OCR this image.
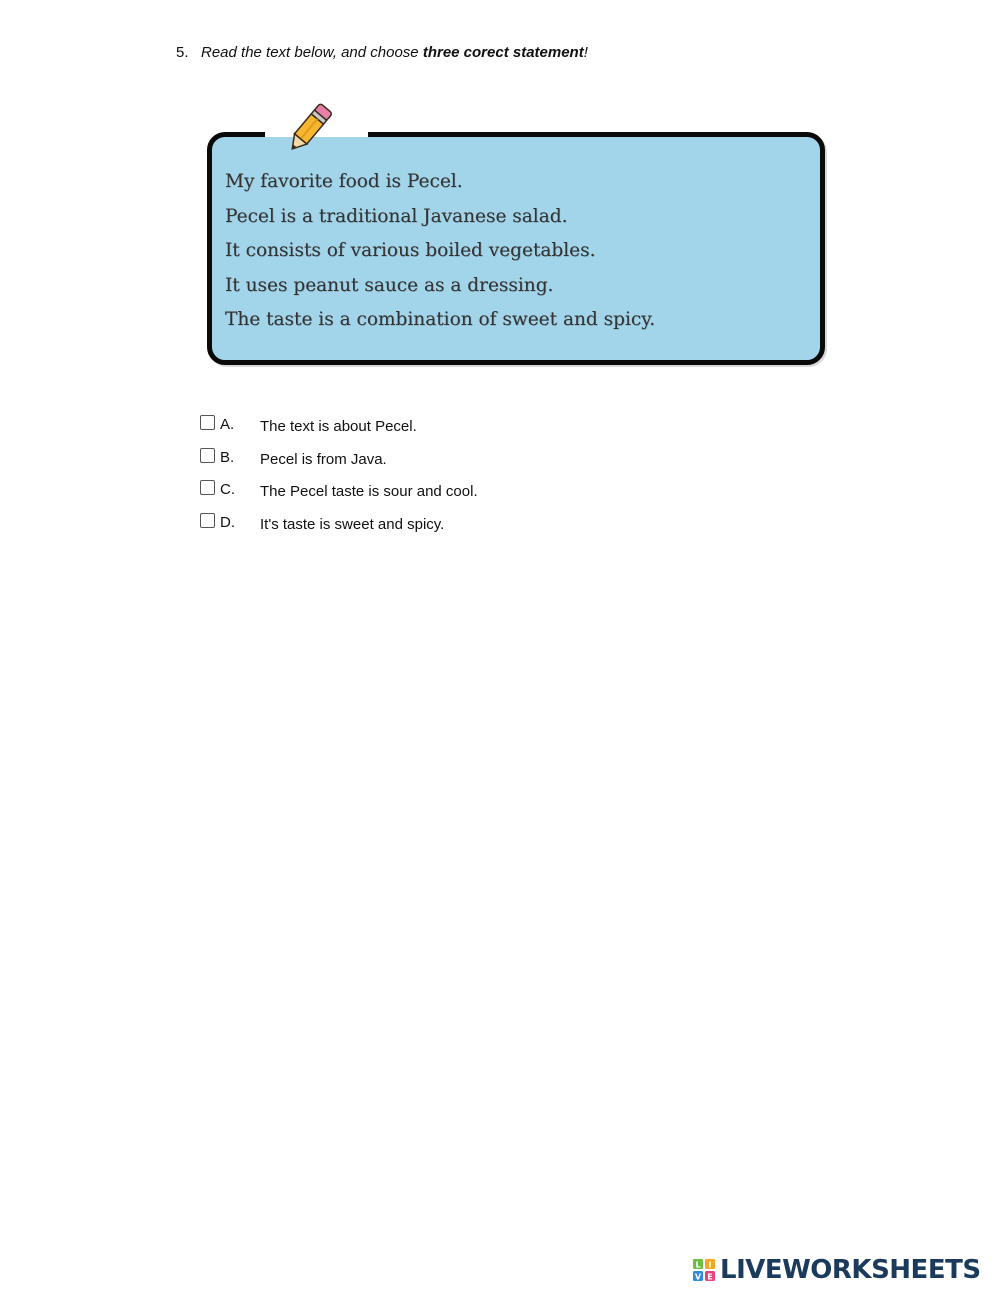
5. Read the text below, and choose three corect statement!
My favorite food is Pecel.
Pecel is a traditional Javanese salad.
It consists of various boiled vegetables.
It uses peanut sauce as a dressing.
The taste is a combination of sweet and spicy.
A. The text is about Pecel.
B. Pecel is from Java.
C. The Pecel taste is sour and cool.
D. It's taste is sweet and spicy.
L I
V E LIVEWORKSHEETS
